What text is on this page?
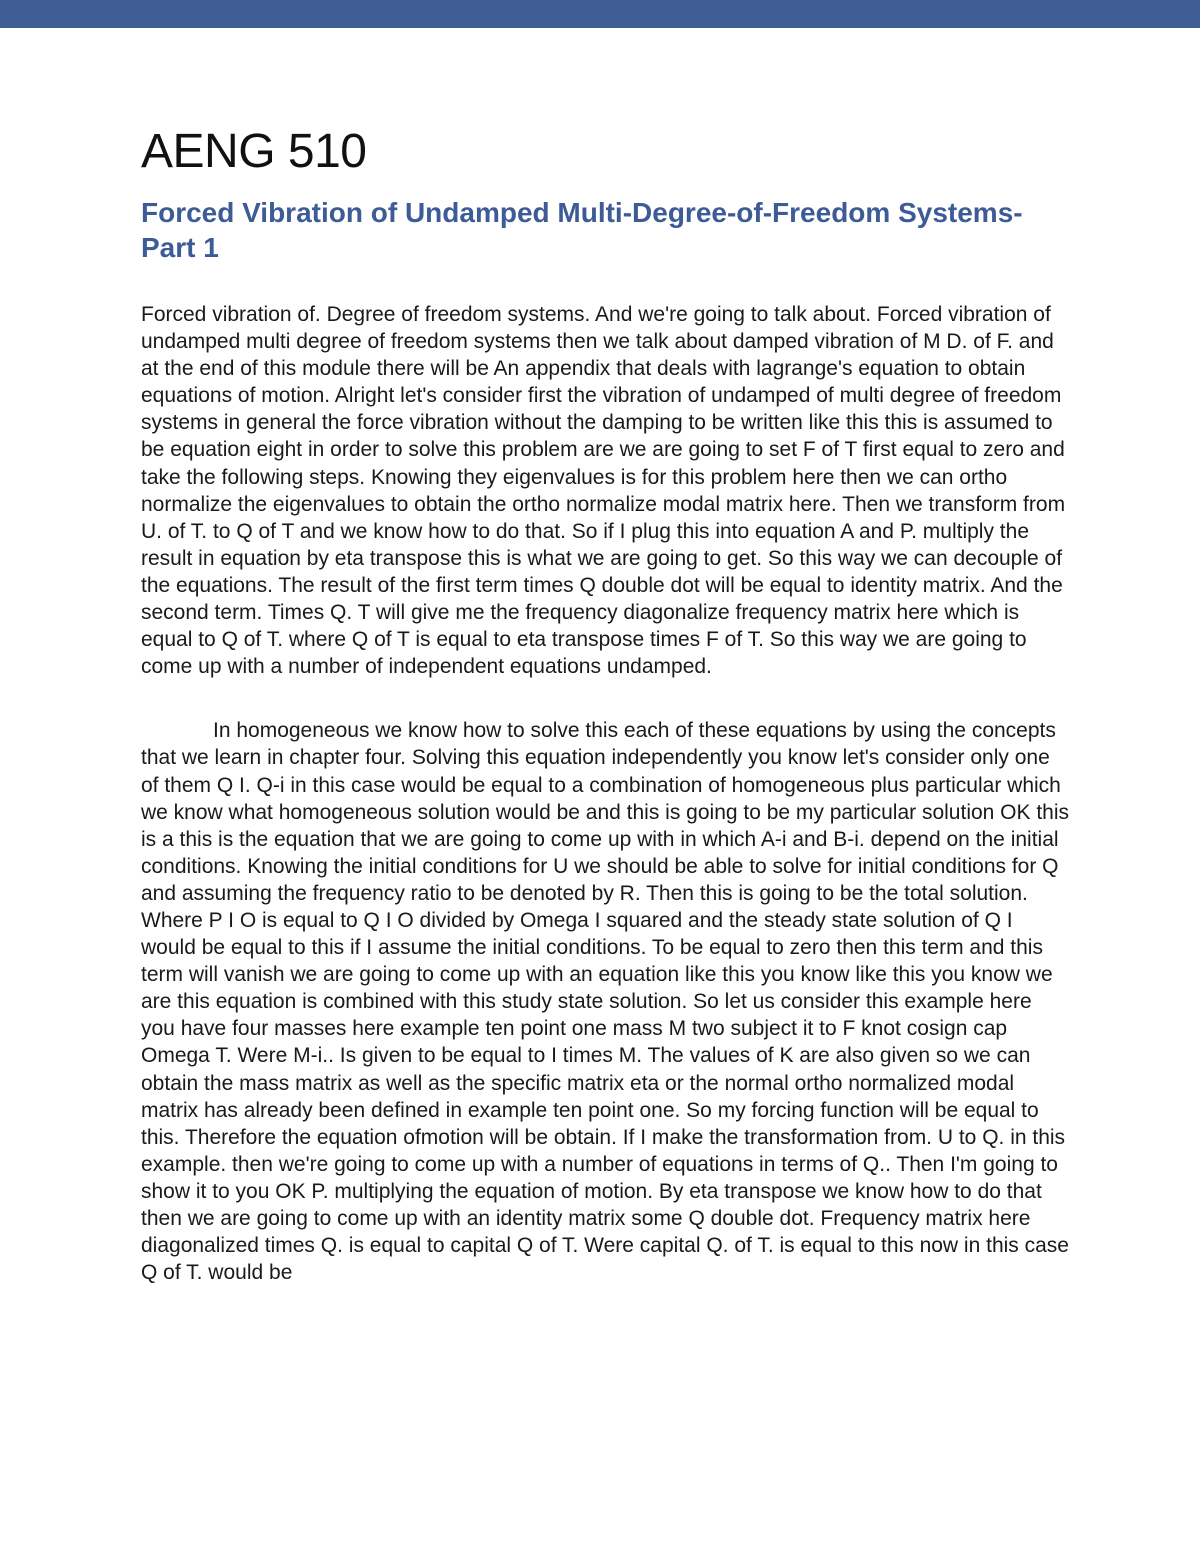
AENG 510
Forced Vibration of Undamped Multi-Degree-of-Freedom Systems-Part 1

Forced vibration of. Degree of freedom systems. And we're going to talk about. Forced vibration of undamped multi degree of freedom systems then we talk about damped vibration of M D. of F. and at the end of this module there will be An appendix that deals with lagrange's equation to obtain equations of motion. Alright let's consider first the vibration of undamped of multi degree of freedom systems in general the force vibration without the damping to be written like this this is assumed to be equation eight in order to solve this problem are we are going to set F of T first equal to zero and take the following steps. Knowing they eigenvalues is for this problem here then we can ortho normalize the eigenvalues to obtain the ortho normalize modal matrix here. Then we transform from U. of T. to Q of T and we know how to do that. So if I plug this into equation A and P. multiply the result in equation by eta transpose this is what we are going to get. So this way we can decouple of the equations. The result of the first term times Q double dot will be equal to identity matrix. And the second term. Times Q. T will give me the frequency diagonalize frequency matrix here which is equal to Q of T. where Q of T is equal to eta transpose times F of T. So this way we are going to come up with a number of independent equations undamped.

In homogeneous we know how to solve this each of these equations by using the concepts that we learn in chapter four. Solving this equation independently you know let's consider only one of them Q I. Q-i in this case would be equal to a combination of homogeneous plus particular which we know what homogeneous solution would be and this is going to be my particular solution OK this is a this is the equation that we are going to come up with in which A-i and B-i. depend on the initial conditions. Knowing the initial conditions for U we should be able to solve for initial conditions for Q and assuming the frequency ratio to be denoted by R. Then this is going to be the total solution. Where P I O is equal to Q I O divided by Omega I squared and the steady state solution of Q I would be equal to this if I assume the initial conditions. To be equal to zero then this term and this term will vanish we are going to come up with an equation like this you know like this you know we are this equation is combined with this study state solution. So let us consider this example here you have four masses here example ten point one mass M two subject it to F knot cosign cap Omega T. Were M-i.. Is given to be equal to I times M. The values of K are also given so we can obtain the mass matrix as well as the specific matrix eta or the normal ortho normalized modal matrix has already been defined in example ten point one. So my forcing function will be equal to this. Therefore the equation ofmotion will be obtain. If I make the transformation from. U to Q. in this example. then we're going to come up with a number of equations in terms of Q.. Then I'm going to show it to you OK P. multiplying the equation of motion. By eta transpose we know how to do that then we are going to come up with an identity matrix some Q double dot. Frequency matrix here diagonalized times Q. is equal to capital Q of T. Were capital Q. of T. is equal to this now in this case Q of T. would be
